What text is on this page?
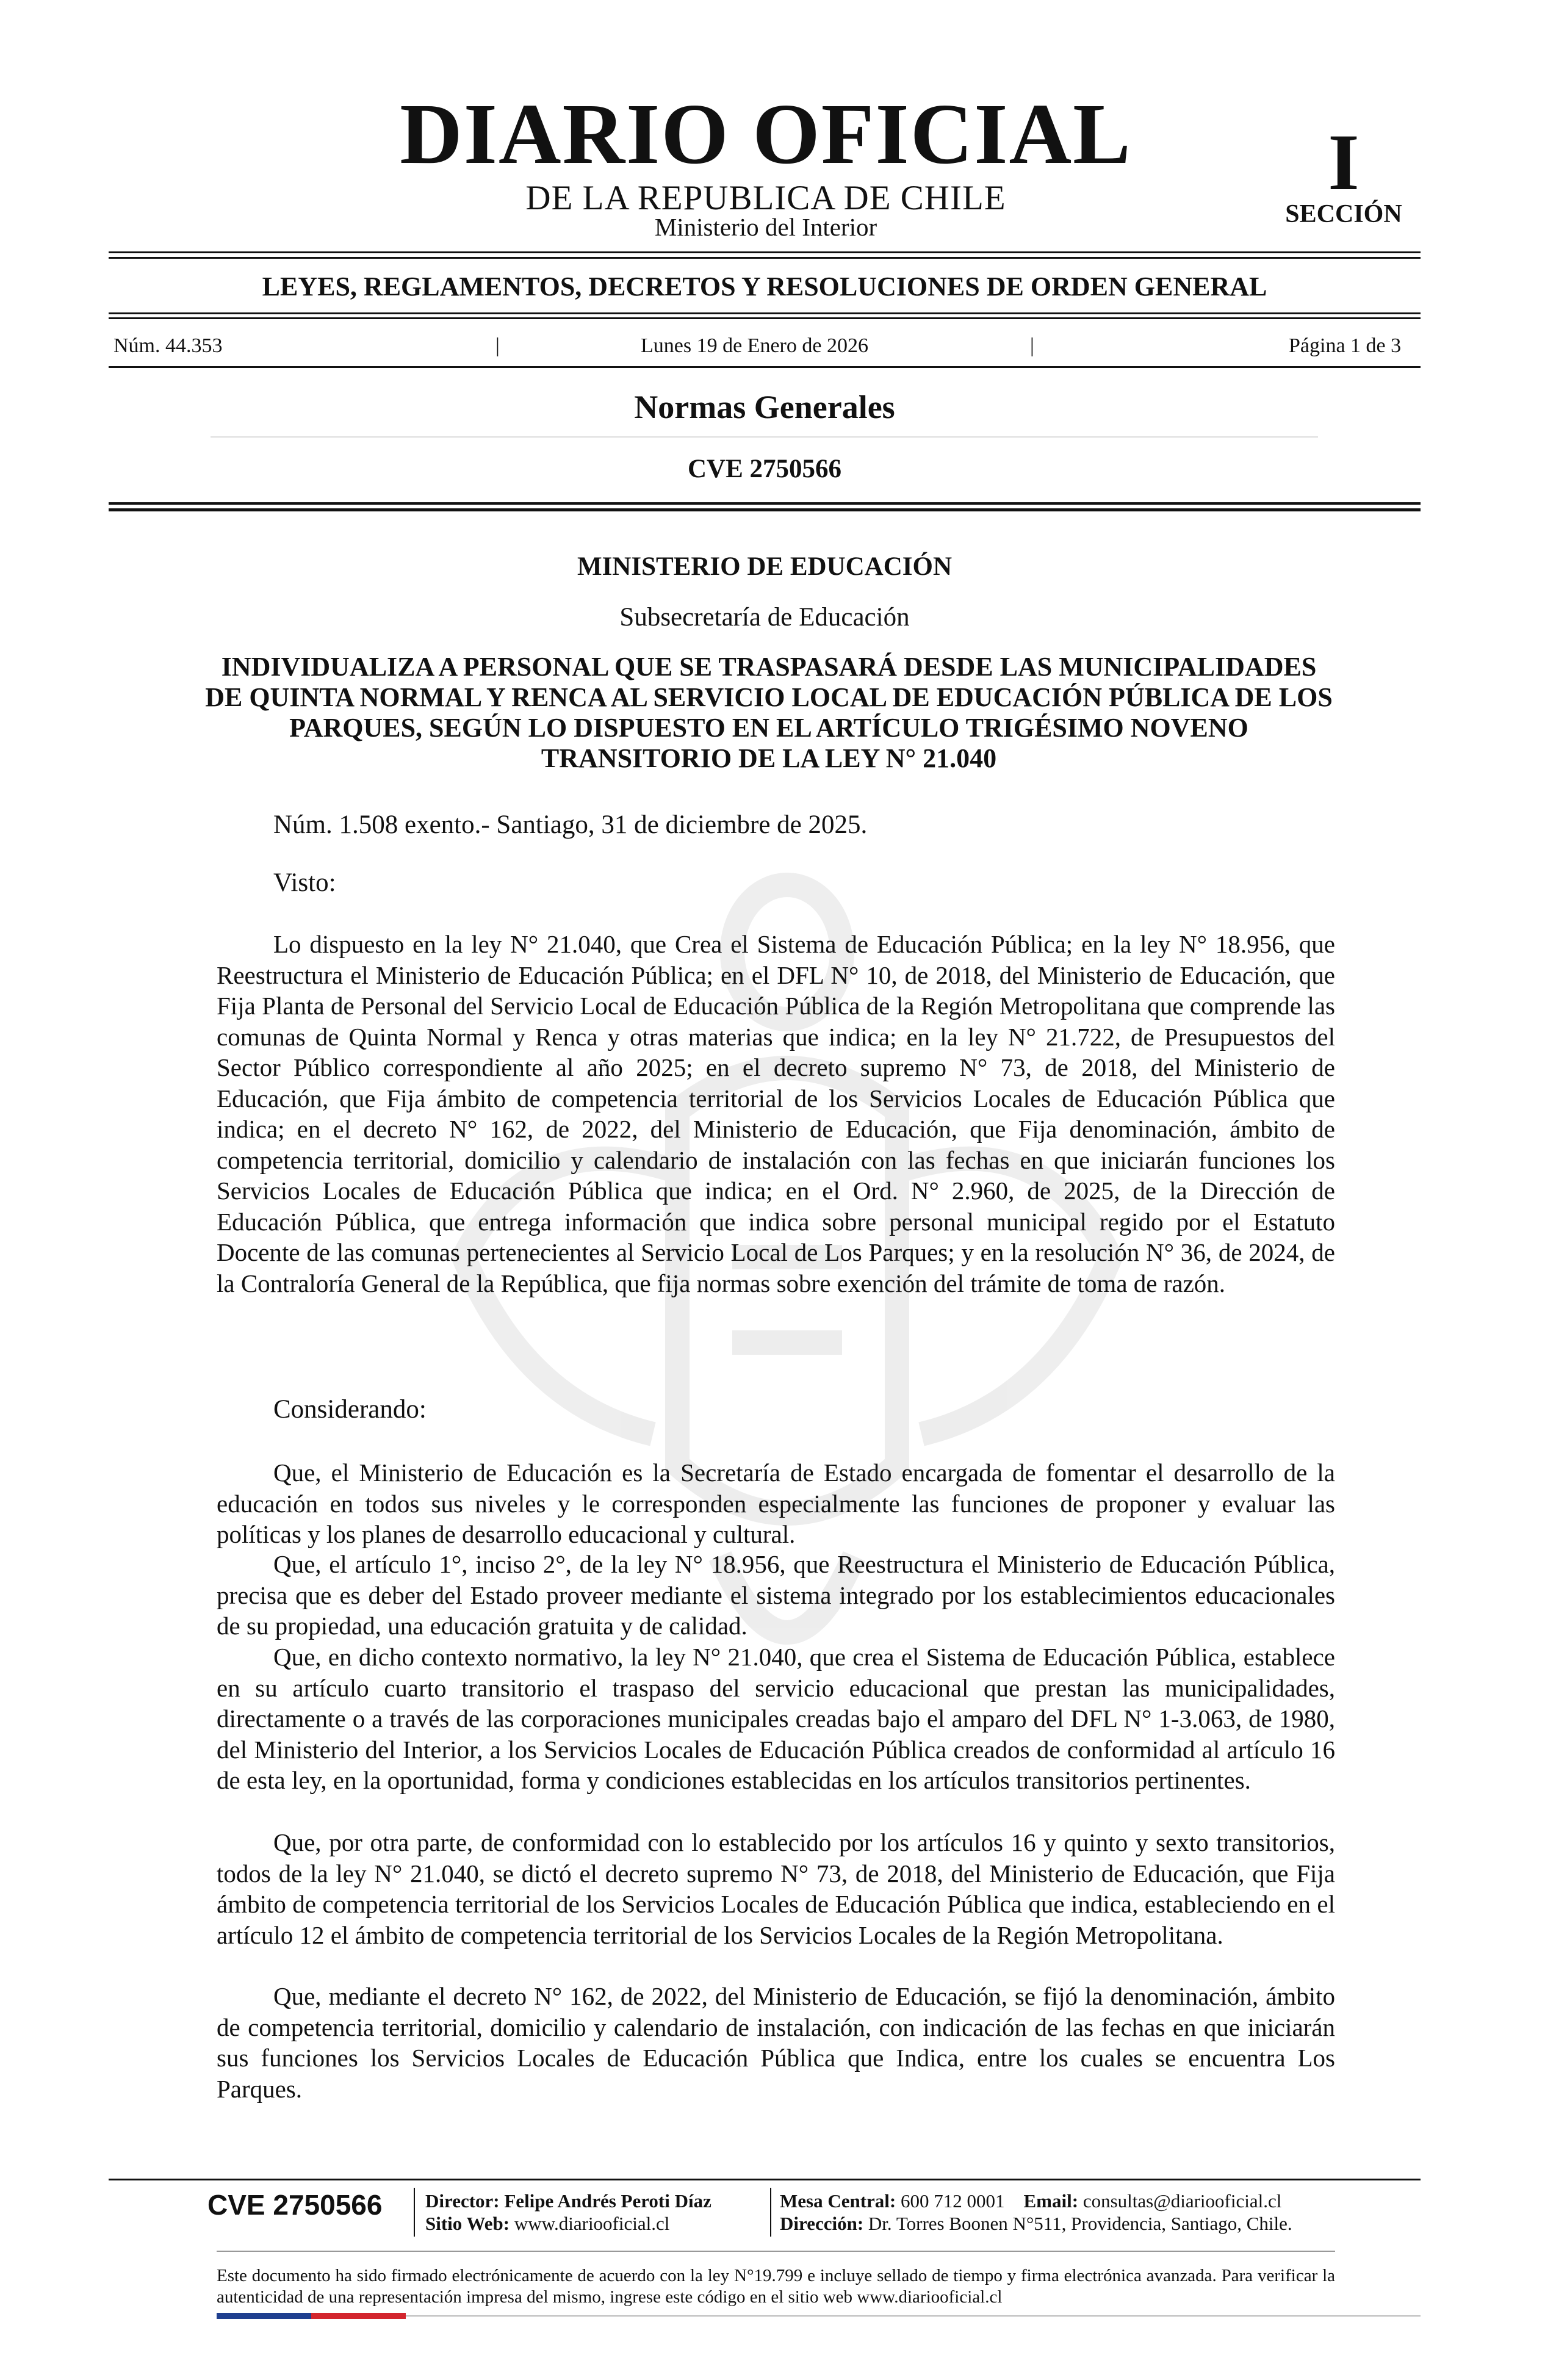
DIARIO OFICIAL
DE LA REPUBLICA DE CHILE
Ministerio del Interior
I
SECCIÓN
LEYES, REGLAMENTOS, DECRETOS Y RESOLUCIONES DE ORDEN GENERAL
Núm. 44.353	|	Lunes 19 de Enero de 2026	|	Página 1 de 3
Normas Generales
CVE 2750566
MINISTERIO DE EDUCACIÓN
Subsecretaría de Educación
INDIVIDUALIZA A PERSONAL QUE SE TRASPASARÁ DESDE LAS MUNICIPALIDADES DE QUINTA NORMAL Y RENCA AL SERVICIO LOCAL DE EDUCACIÓN PÚBLICA DE LOS PARQUES, SEGÚN LO DISPUESTO EN EL ARTÍCULO TRIGÉSIMO NOVENO TRANSITORIO DE LA LEY N° 21.040
Núm. 1.508 exento.- Santiago, 31 de diciembre de 2025.
Visto:
Lo dispuesto en la ley N° 21.040, que Crea el Sistema de Educación Pública; en la ley N° 18.956, que Reestructura el Ministerio de Educación Pública; en el DFL N° 10, de 2018, del Ministerio de Educación, que Fija Planta de Personal del Servicio Local de Educación Pública de la Región Metropolitana que comprende las comunas de Quinta Normal y Renca y otras materias que indica; en la ley N° 21.722, de Presupuestos del Sector Público correspondiente al año 2025; en el decreto supremo N° 73, de 2018, del Ministerio de Educación, que Fija ámbito de competencia territorial de los Servicios Locales de Educación Pública que indica; en el decreto N° 162, de 2022, del Ministerio de Educación, que Fija denominación, ámbito de competencia territorial, domicilio y calendario de instalación con las fechas en que iniciarán funciones los Servicios Locales de Educación Pública que indica; en el Ord. N° 2.960, de 2025, de la Dirección de Educación Pública, que entrega información que indica sobre personal municipal regido por el Estatuto Docente de las comunas pertenecientes al Servicio Local de Los Parques; y en la resolución N° 36, de 2024, de la Contraloría General de la República, que fija normas sobre exención del trámite de toma de razón.
Considerando:
Que, el Ministerio de Educación es la Secretaría de Estado encargada de fomentar el desarrollo de la educación en todos sus niveles y le corresponden especialmente las funciones de proponer y evaluar las políticas y los planes de desarrollo educacional y cultural.
Que, el artículo 1°, inciso 2°, de la ley N° 18.956, que Reestructura el Ministerio de Educación Pública, precisa que es deber del Estado proveer mediante el sistema integrado por los establecimientos educacionales de su propiedad, una educación gratuita y de calidad.
Que, en dicho contexto normativo, la ley N° 21.040, que crea el Sistema de Educación Pública, establece en su artículo cuarto transitorio el traspaso del servicio educacional que prestan las municipalidades, directamente o a través de las corporaciones municipales creadas bajo el amparo del DFL N° 1-3.063, de 1980, del Ministerio del Interior, a los Servicios Locales de Educación Pública creados de conformidad al artículo 16 de esta ley, en la oportunidad, forma y condiciones establecidas en los artículos transitorios pertinentes.
Que, por otra parte, de conformidad con lo establecido por los artículos 16 y quinto y sexto transitorios, todos de la ley N° 21.040, se dictó el decreto supremo N° 73, de 2018, del Ministerio de Educación, que Fija ámbito de competencia territorial de los Servicios Locales de Educación Pública que indica, estableciendo en el artículo 12 el ámbito de competencia territorial de los Servicios Locales de la Región Metropolitana.
Que, mediante el decreto N° 162, de 2022, del Ministerio de Educación, se fijó la denominación, ámbito de competencia territorial, domicilio y calendario de instalación, con indicación de las fechas en que iniciarán sus funciones los Servicios Locales de Educación Pública que Indica, entre los cuales se encuentra Los Parques.
CVE 2750566	Director: Felipe Andrés Peroti Díaz
Sitio Web: www.diariooficial.cl
Mesa Central: 600 712 0001 Email: consultas@diariooficial.cl
Dirección: Dr. Torres Boonen N°511, Providencia, Santiago, Chile.
Este documento ha sido firmado electrónicamente de acuerdo con la ley N°19.799 e incluye sellado de tiempo y firma electrónica avanzada. Para verificar la autenticidad de una representación impresa del mismo, ingrese este código en el sitio web www.diariooficial.cl
